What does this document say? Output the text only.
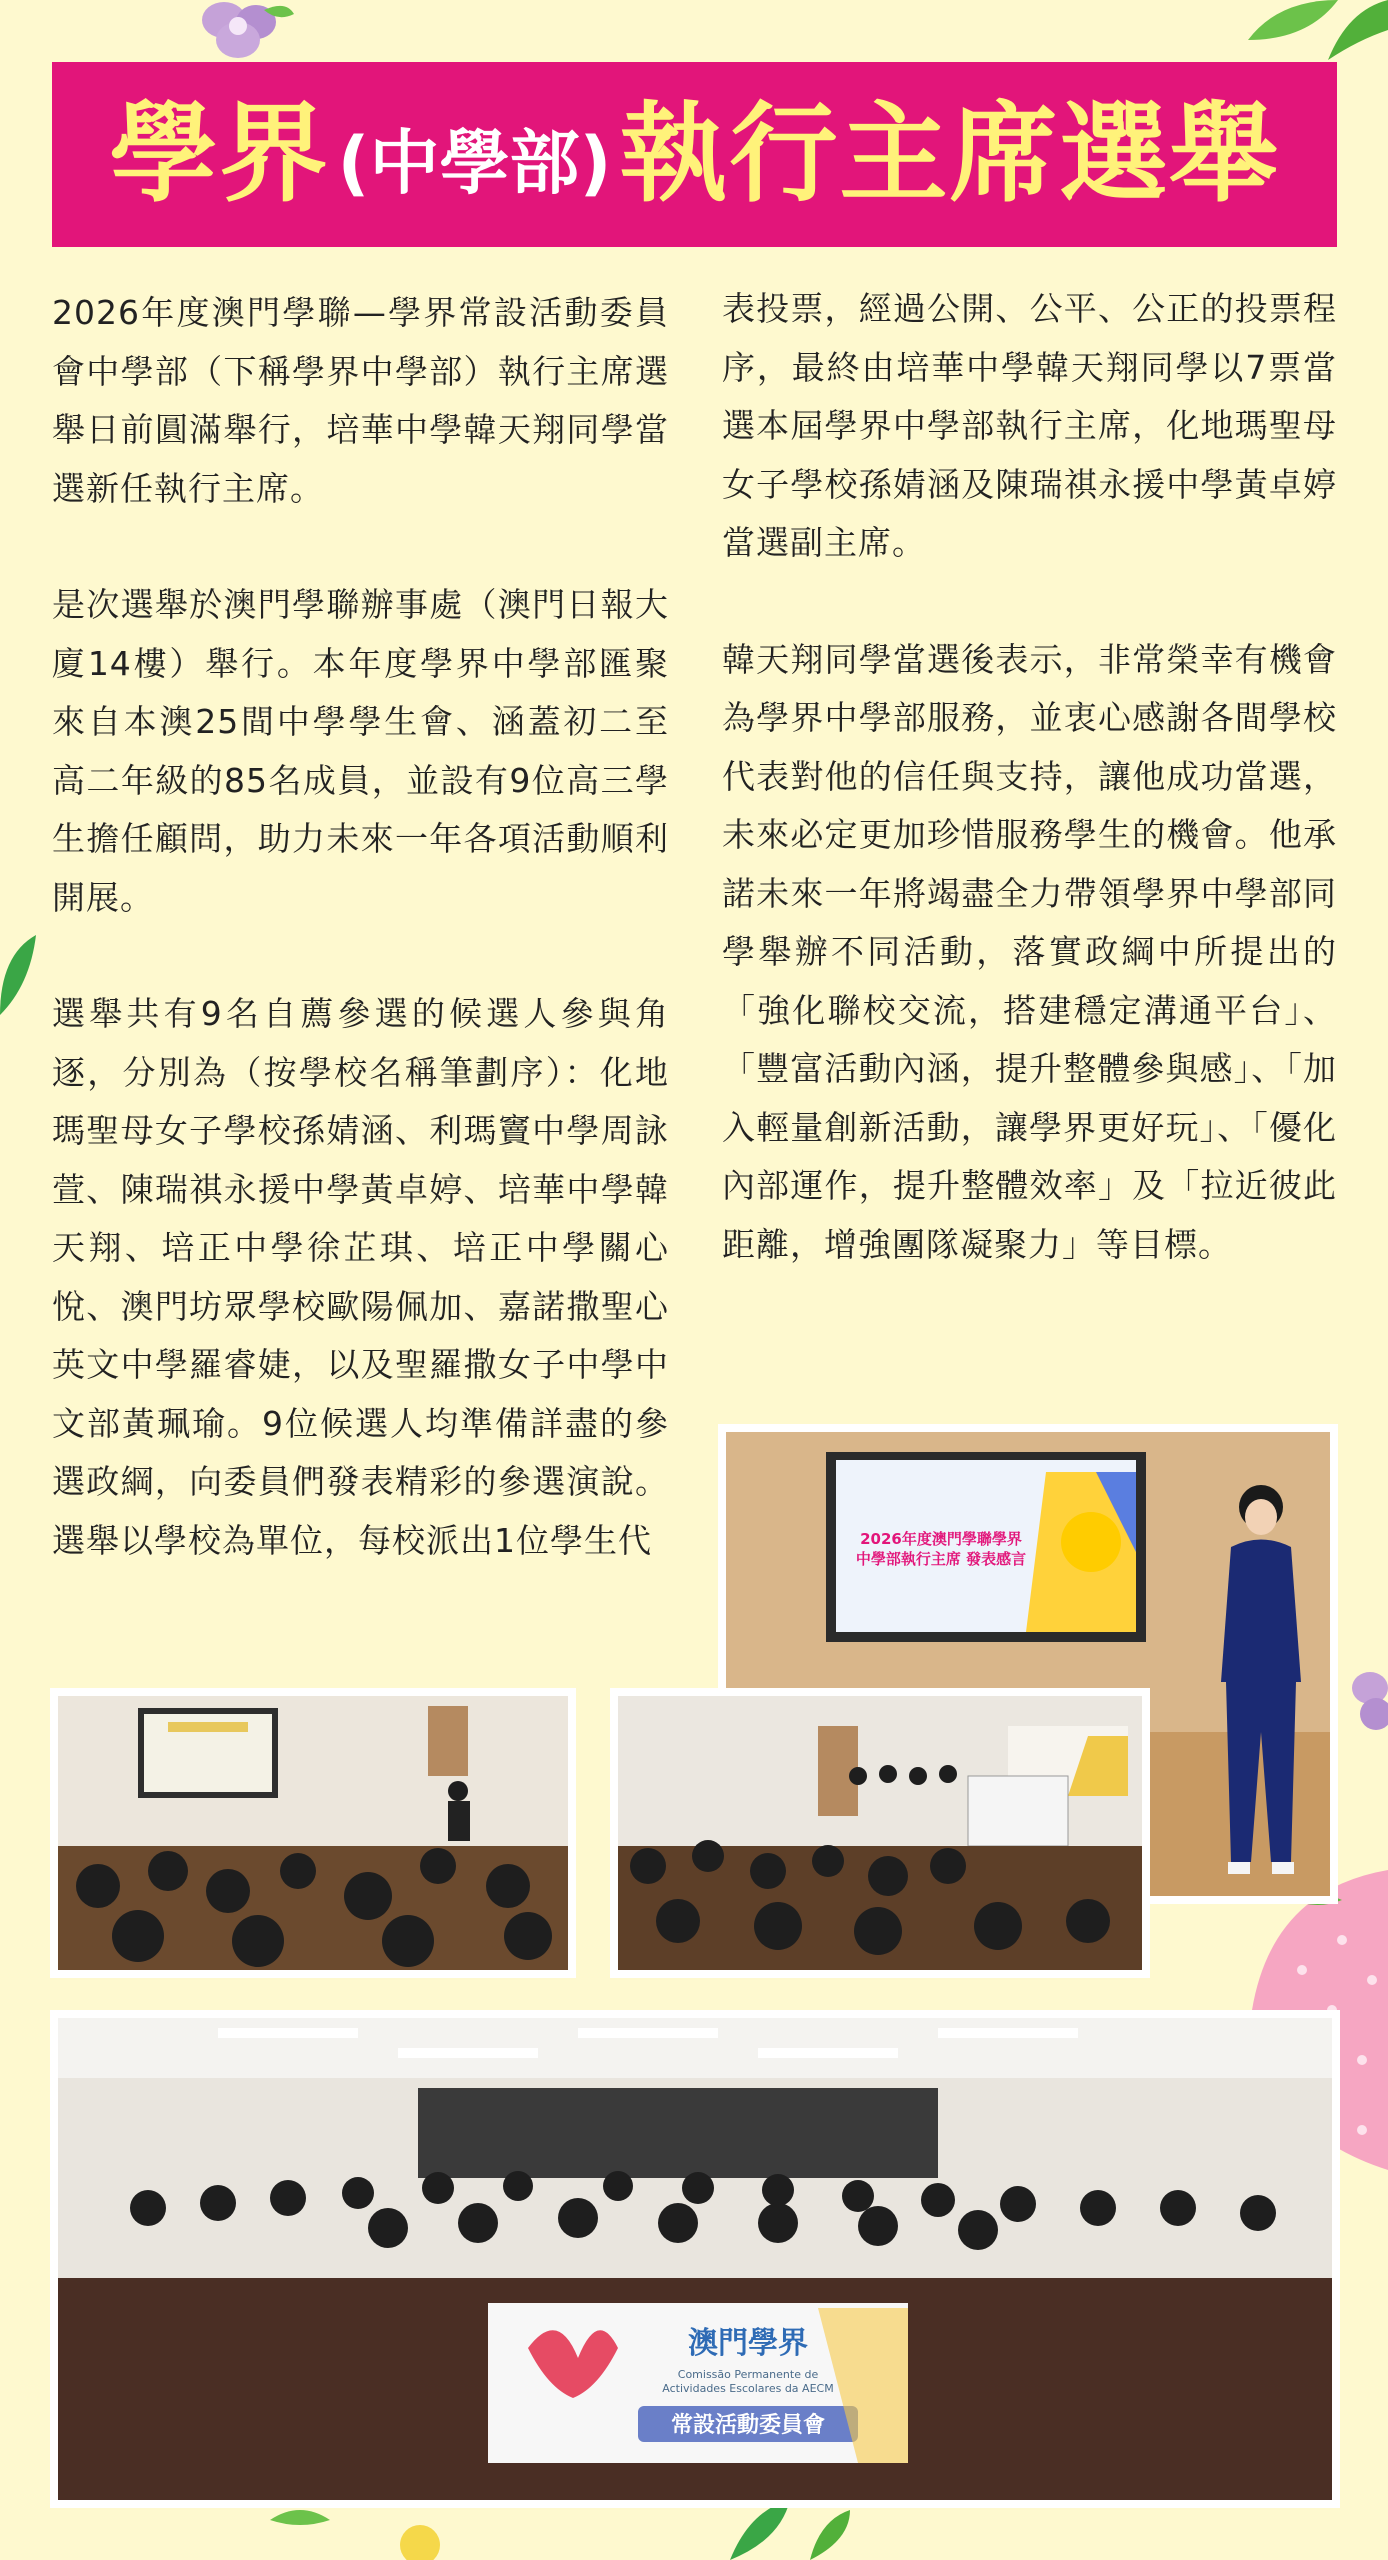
學界 (中學部) 執行主席選舉

2026年度澳門學聯—學界常設活動委員會中學部（下稱學界中學部）執行主席選舉日前圓滿舉行，培華中學韓天翔同學當選新任執行主席。

是次選舉於澳門學聯辦事處（澳門日報大廈14樓）舉行。本年度學界中學部匯聚來自本澳25間中學學生會、涵蓋初二至高二年級的85名成員，並設有9位高三學生擔任顧問，助力未來一年各項活動順利開展。

選舉共有9名自薦參選的候選人參與角逐，分別為（按學校名稱筆劃序）：化地瑪聖母女子學校孫婧涵、利瑪竇中學周詠萱、陳瑞祺永援中學黃卓婷、培華中學韓天翔、培正中學徐芷琪、培正中學關心悅、澳門坊眾學校歐陽佩加、嘉諾撒聖心英文中學羅睿婕，以及聖羅撒女子中學中文部黃珮瑜。9位候選人均準備詳盡的參選政綱，向委員們發表精彩的參選演說。選舉以學校為單位，每校派出1位學生代

表投票，經過公開、公平、公正的投票程序，最終由培華中學韓天翔同學以7票當選本屆學界中學部執行主席，化地瑪聖母女子學校孫婧涵及陳瑞祺永援中學黃卓婷當選副主席。

韓天翔同學當選後表示，非常榮幸有機會為學界中學部服務，並衷心感謝各間學校代表對他的信任與支持，讓他成功當選，未來必定更加珍惜服務學生的機會。他承諾未來一年將竭盡全力帶領學界中學部同學舉辦不同活動，落實政綱中所提出的「強化聯校交流，搭建穩定溝通平台」、「豐富活動內涵，提升整體參與感」、「加入輕量創新活動，讓學界更好玩」、「優化內部運作，提升整體效率」及「拉近彼此距離，增強團隊凝聚力」等目標。

2026年度澳門學聯學界
中學部執行主席 發表感言
澳門學界
Comissão Permanente de
Actividades Escolares da AECM
常設活動委員會
